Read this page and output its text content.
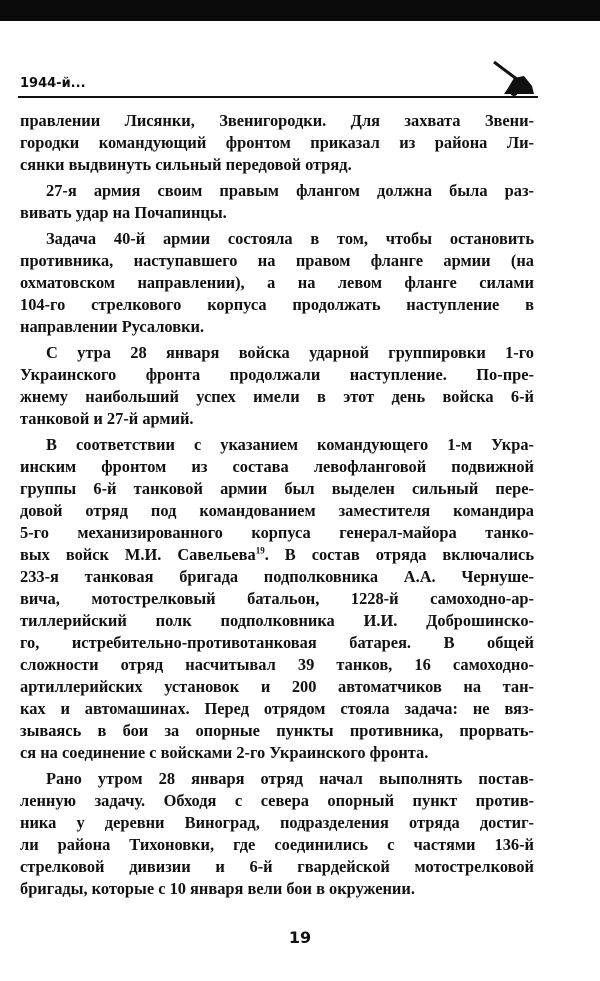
1944-й...
правлении Лисянки, Звенигородки. Для захвата Звени-
городки командующий фронтом приказал из района Ли-
сянки выдвинуть сильный передовой отряд.
27-я армия своим правым флангом должна была раз-
вивать удар на Почапинцы.
Задача 40-й армии состояла в том, чтобы остановить
противника, наступавшего на правом фланге армии (на
охматовском направлении), а на левом фланге силами
104-го стрелкового корпуса продолжать наступление в
направлении Русаловки.
С утра 28 января войска ударной группировки 1-го
Украинского фронта продолжали наступление. По-пре-
жнему наибольший успех имели в этот день войска 6-й
танковой и 27-й армий.
В соответствии с указанием командующего 1-м Укра-
инским фронтом из состава левофланговой подвижной
группы 6-й танковой армии был выделен сильный пере-
довой отряд под командованием заместителя командира
5-го механизированного корпуса генерал-майора танко-
вых войск М.И. Савельева$^{19}$. В состав отряда включались
233-я танковая бригада подполковника А.А. Чернуше-
вича, мотострелковый батальон, 1228-й самоходно-ар-
тиллерийский полк подполковника И.И. Доброшинско-
го, истребительно-противотанковая батарея. В общей
сложности отряд насчитывал 39 танков, 16 самоходно-
артиллерийских установок и 200 автоматчиков на тан-
ках и автомашинах. Перед отрядом стояла задача: не вяз-
зываясь в бои за опорные пункты противника, прорвать-
ся на соединение с войсками 2-го Украинского фронта.
Рано утром 28 января отряд начал выполнять постав-
ленную задачу. Обходя с севера опорный пункт против-
ника у деревни Виноград, подразделения отряда достиг-
ли района Тихоновки, где соединились с частями 136-й
стрелковой дивизии и 6-й гвардейской мотострелковой
бригады, которые с 10 января вели бои в окружении.
19
